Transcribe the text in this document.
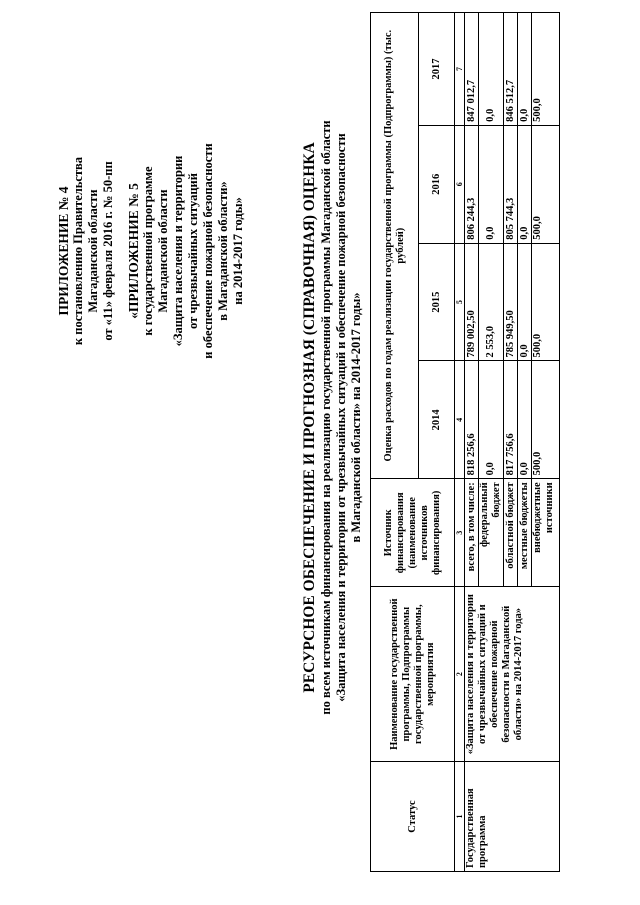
ПРИЛОЖЕНИЕ № 4 к постановлению Правительства Магаданской области от «11» февраля 2016 г. № 50-пп «ПРИЛОЖЕНИЕ № 5 к государственной программе Магаданской области «Защита населения и территории от чрезвычайных ситуаций и обеспечение пожарной безопасности в Магаданской области» на 2014-2017 годы»	РЕСУРСНОЕ ОБЕСПЕЧЕНИЕ И ПРОГНОЗНАЯ (СПРАВОЧНАЯ) ОЦЕНКА по всем источникам финансирования на реализацию государственной программы Магаданской области «Защита населения и территории от чрезвычайных ситуаций и обеспечение пожарной безопасности в Магаданской области» на 2014-2017 годы»
Статус	Наименование государственной программы, Подпрограммы государственной программы, мероприятия	Источник финансирования (наименование источников финансирования)	Оценка расходов по годам реализации государственной программы (Подпрограммы) (тыс. рублей)			
			2014	2015	2016	2017
1	2	3	4	5	6	7
Государственная программа	«Защита населения и территории от чрезвычайных ситуаций и обеспечение пожарной безопасности в Магаданской области» на 2014-2017 года»	всего, в том числе:	818 256,6	789 002,50	806 244,3	847 012,7
		федеральный бюджет	0,0	2 553,0	0,0	0,0
		областной бюджет	817 756,6	785 949,50	805 744,3	846 512,7
		местные бюджеты	0,0	0,0	0,0	0,0
		внебюджетные источники	500,0	500,0	500,0	500,0
